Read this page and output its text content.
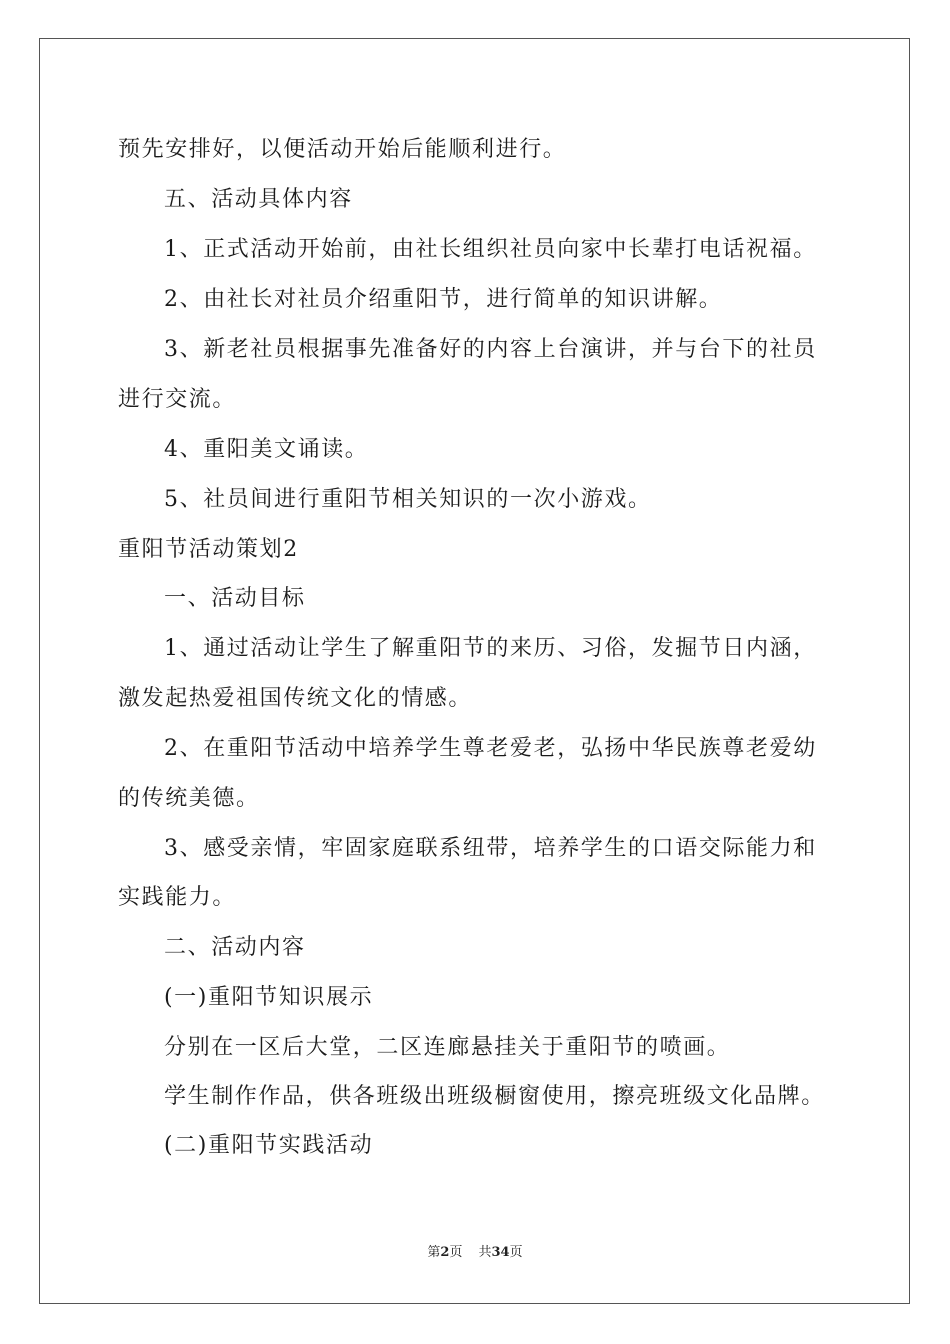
预先安排好，以便活动开始后能顺利进行。
五、活动具体内容
1、正式活动开始前，由社长组织社员向家中长辈打电话祝福。
2、由社长对社员介绍重阳节，进行简单的知识讲解。
3、新老社员根据事先准备好的内容上台演讲，并与台下的社员
进行交流。
4、重阳美文诵读。
5、社员间进行重阳节相关知识的一次小游戏。
重阳节活动策划2
一、活动目标
1、通过活动让学生了解重阳节的来历、习俗，发掘节日内涵，
激发起热爱祖国传统文化的情感。
2、在重阳节活动中培养学生尊老爱老，弘扬中华民族尊老爱幼
的传统美德。
3、感受亲情，牢固家庭联系纽带，培养学生的口语交际能力和
实践能力。
二、活动内容
(一)重阳节知识展示
分别在一区后大堂，二区连廊悬挂关于重阳节的喷画。
学生制作作品，供各班级出班级橱窗使用，擦亮班级文化品牌。
(二)重阳节实践活动
第2页 共34页
